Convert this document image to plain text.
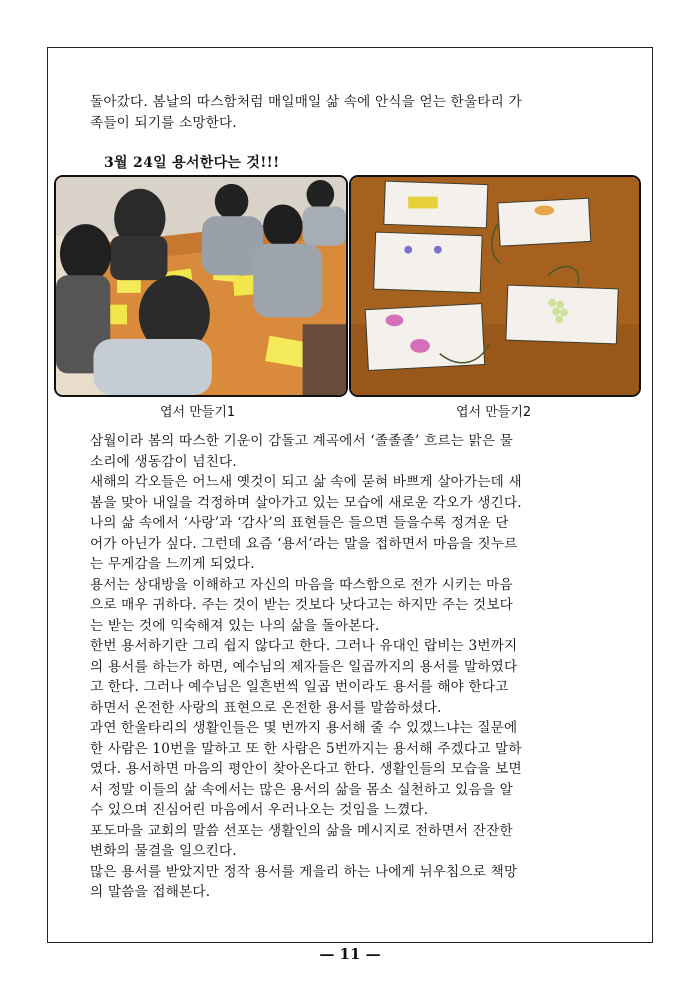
돌아갔다. 봄날의 따스함처럼 매일매일 삶 속에 안식을 얻는 한울타리 가

족들이 되기를 소망한다.

3월 24일 용서한다는 것!!!
엽서 만들기1	엽서 만들기2

삼월이라 봄의 따스한 기운이 감돌고 계곡에서 ‘졸졸졸’ 흐르는 맑은 물

소리에 생동감이 넘친다.

새해의 각오들은 어느새 옛것이 되고 삶 속에 묻혀 바쁘게 살아가는데 새

봄을 맞아 내일을 걱정하며 살아가고 있는 모습에 새로운 각오가 생긴다.

나의 삶 속에서 ‘사랑’과 ‘감사’의 표현들은 들으면 들을수록 정겨운 단

어가 아닌가 싶다. 그런데 요즘 ‘용서’라는 말을 접하면서 마음을 짓누르

는 무게감을 느끼게 되었다.

용서는 상대방을 이해하고 자신의 마음을 따스함으로 전가 시키는 마음

으로 매우 귀하다. 주는 것이 받는 것보다 낫다고는 하지만 주는 것보다

는 받는 것에 익숙해져 있는 나의 삶을 돌아본다.

한번 용서하기란 그리 쉽지 않다고 한다. 그러나 유대인 랍비는 3번까지

의 용서를 하는가 하면, 예수님의 제자들은 일곱까지의 용서를 말하였다

고 한다. 그러나 예수님은 일흔번씩 일곱 번이라도 용서를 해야 한다고

하면서 온전한 사랑의 표현으로 온전한 용서를 말씀하셨다.

과연 한울타리의 생활인들은 몇 번까지 용서해 줄 수 있겠느냐는 질문에

한 사람은 10번을 말하고 또 한 사람은 5번까지는 용서해 주겠다고 말하

였다. 용서하면 마음의 평안이 찾아온다고 한다. 생활인들의 모습을 보면

서 정말 이들의 삶 속에서는 많은 용서의 삶을 몸소 실천하고 있음을 알

수 있으며 진심어린 마음에서 우러나오는 것임을 느꼈다.

포도마을 교회의 말씀 선포는 생활인의 삶을 메시지로 전하면서 잔잔한

변화의 물결을 일으킨다.

많은 용서를 받았지만 정작 용서를 게을리 하는 나에게 뉘우침으로 책망

의 말씀을 접해본다.

— 11 —
